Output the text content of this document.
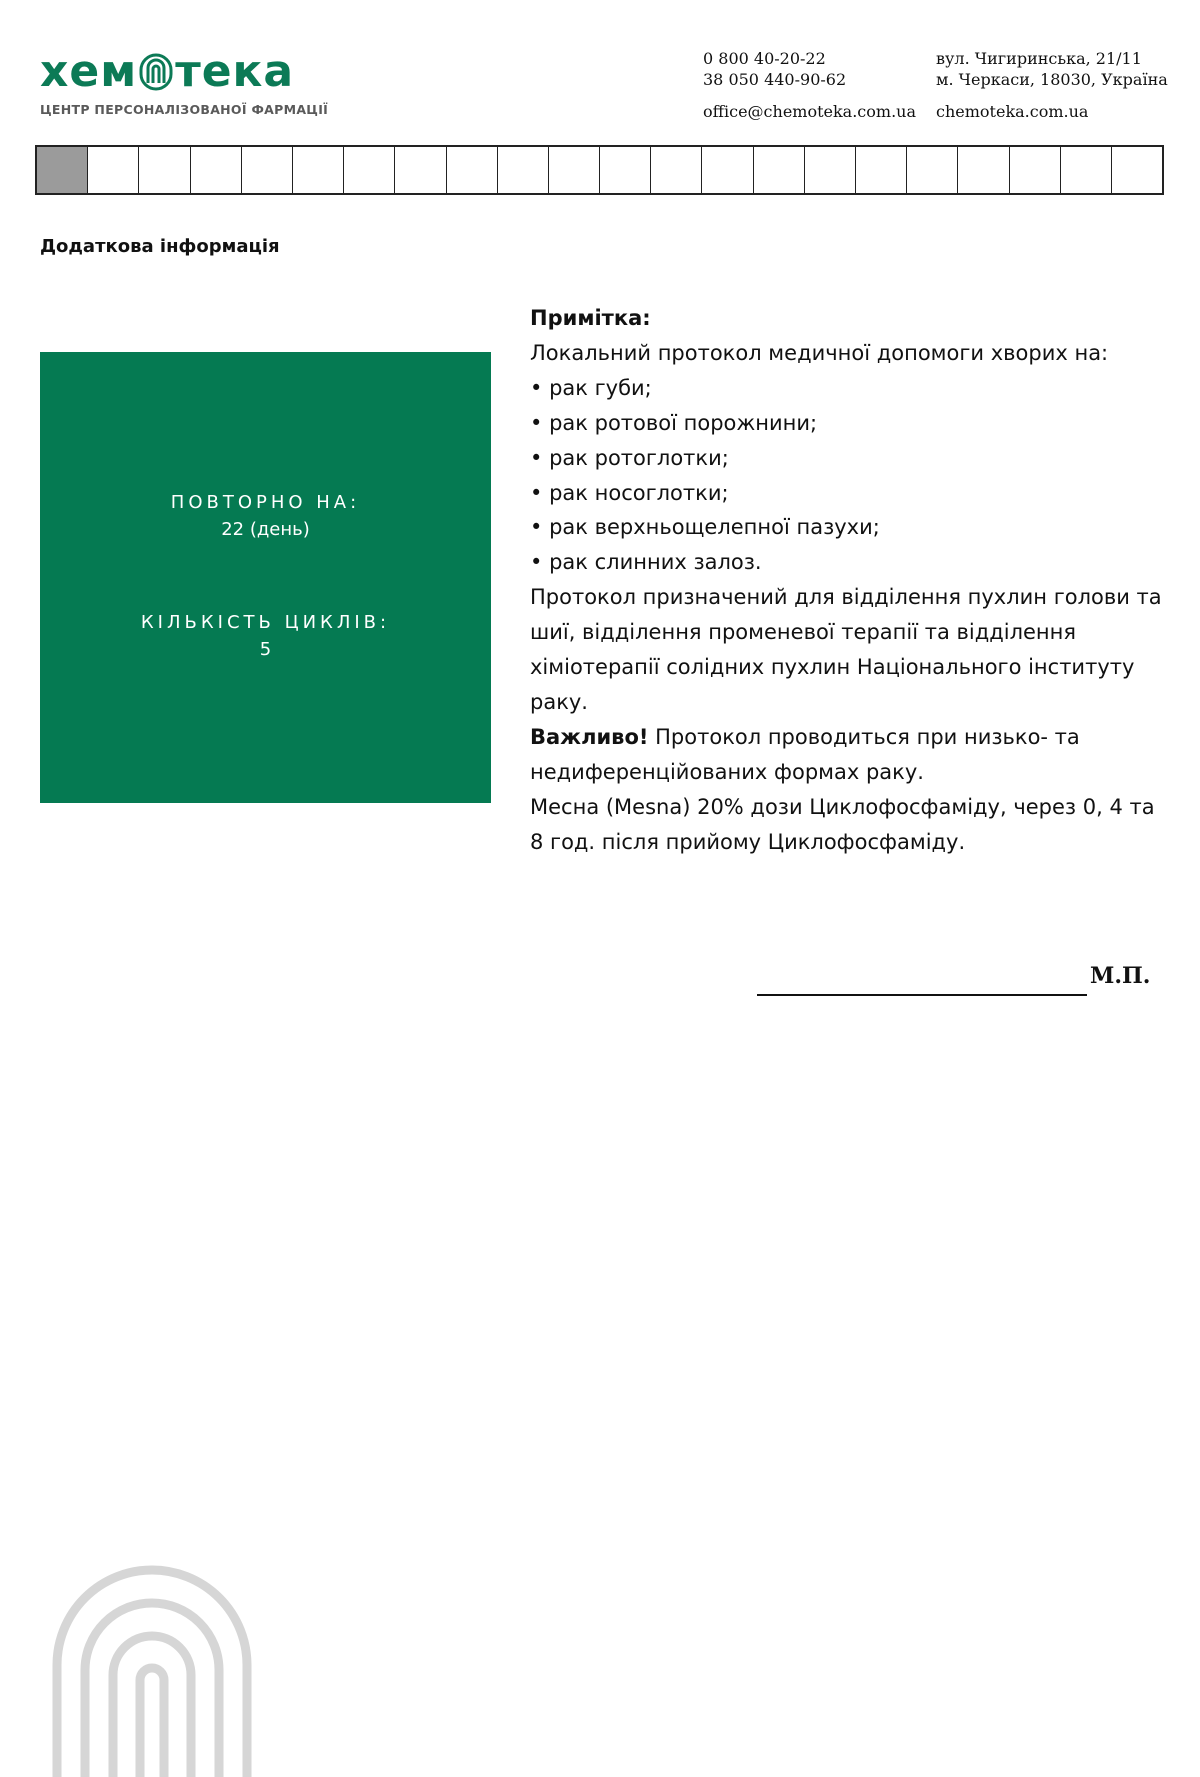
хем тека
ЦЕНТР ПЕРСОНАЛІЗОВАНОЇ ФАРМАЦІЇ
0 800 40-20-22
38 050 440-90-62
вул. Чигиринська, 21/11
м. Черкаси, 18030, Україна
office@chemoteka.com.ua chemoteka.com.ua
Додаткова інформація
ПОВТОРНО НА:
22 (день)
КІЛЬКІСТЬ ЦИКЛІВ:
5

Примітка:

Локальний протокол медичної допомоги хворих на:

• рак губи;
• рак ротової порожнини;
• рак ротоглотки;
• рак носоглотки;
• рак верхньощелепної пазухи;
• рак слинних залоз.

Протокол призначений для відділення пухлин голови та шиї, відділення променевої терапії та відділення хіміотерапії солідних пухлин Національного інституту раку.

Важливо! Протокол проводиться при низько- та недиференційованих формах раку.

Месна (Mesna) 20% дози Циклофосфаміду, через 0, 4 та 8 год. після прийому Циклофосфаміду.

М.П.
